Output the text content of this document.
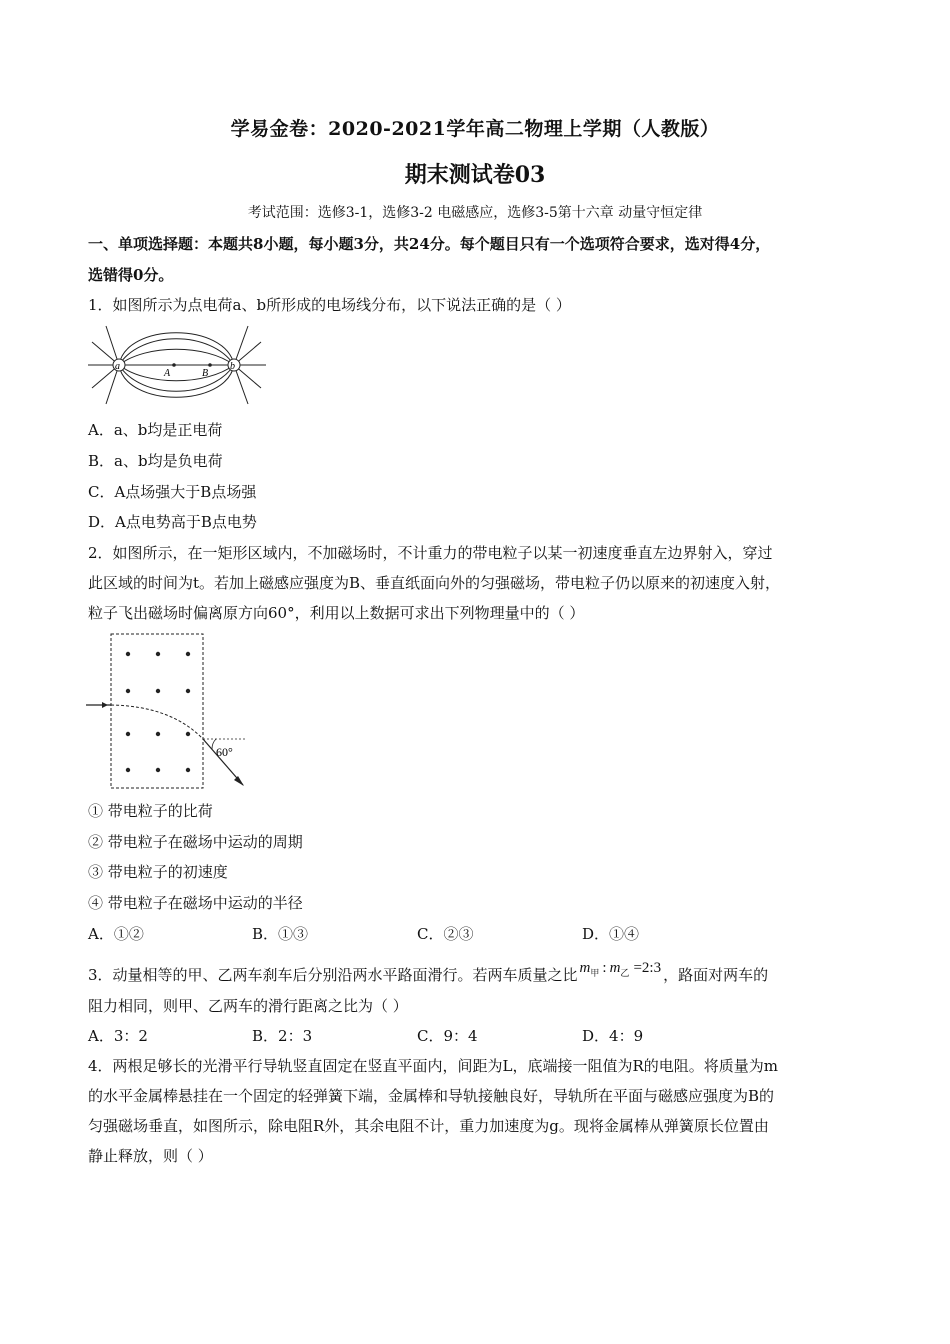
学易金卷：2020-2021学年高二物理上学期（人教版）
期末测试卷03
考试范围：选修3-1，选修3-2 电磁感应，选修3-5第十六章 动量守恒定律
一、单项选择题：本题共8小题，每小题3分，共24分。每个题目只有一个选项符合要求，选对得4分，
选错得0分。
1．如图所示为点电荷a、b所形成的电场线分布，以下说法正确的是（ ）
a	b
A	B
A．a、b均是正电荷
B．a、b均是负电荷
C．A点场强大于B点场强
D．A点电势高于B点电势
2．如图所示，在一矩形区域内，不加磁场时，不计重力的带电粒子以某一初速度垂直左边界射入，穿过
此区域的时间为t。若加上磁感应强度为B、垂直纸面向外的匀强磁场，带电粒子仍以原来的初速度入射，
粒子飞出磁场时偏离原方向60°，利用以上数据可求出下列物理量中的（ ）
60°
① 带电粒子的比荷
② 带电粒子在磁场中运动的周期
③ 带电粒子的初速度
④ 带电粒子在磁场中运动的半径
A．①②	B．①③	C．②③	D．①④
3．动量相等的甲、乙两车刹车后分别沿两水平路面滑行。若两车质量之比 $m_甲$ : $m_乙$ =2:3 ，路面对两车的
阻力相同，则甲、乙两车的滑行距离之比为（ ）
A．3：2	B．2：3	C．9：4	D．4：9
4．两根足够长的光滑平行导轨竖直固定在竖直平面内，间距为L，底端接一阻值为R的电阻。将质量为m
的水平金属棒悬挂在一个固定的轻弹簧下端，金属棒和导轨接触良好，导轨所在平面与磁感应强度为B的
匀强磁场垂直，如图所示，除电阻R外，其余电阻不计，重力加速度为g。现将金属棒从弹簧原长位置由
静止释放，则（ ）
